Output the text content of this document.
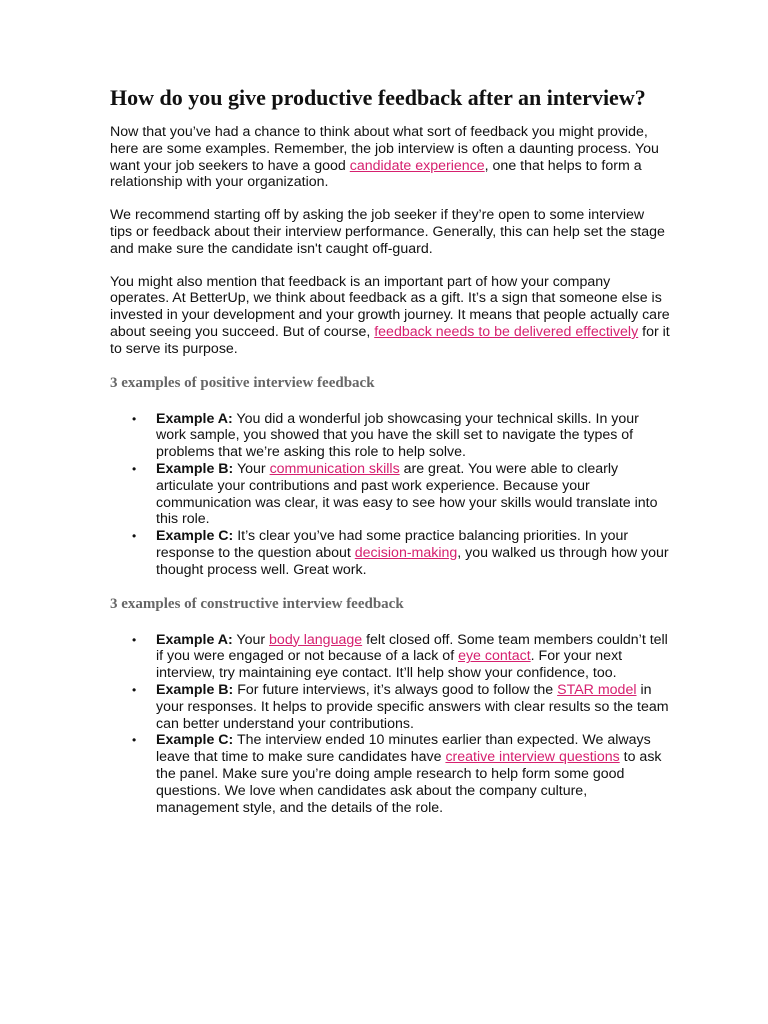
How do you give productive feedback after an interview?

Now that you’ve had a chance to think about what sort of feedback you might provide, here are some examples. Remember, the job interview is often a daunting process. You want your job seekers to have a good candidate experience, one that helps to form a relationship with your organization.

We recommend starting off by asking the job seeker if they’re open to some interview tips or feedback about their interview performance. Generally, this can help set the stage and make sure the candidate isn't caught off-guard.

You might also mention that feedback is an important part of how your company operates. At BetterUp, we think about feedback as a gift. It’s a sign that someone else is invested in your development and your growth journey. It means that people actually care about seeing you succeed. But of course, feedback needs to be delivered effectively for it to serve its purpose.

3 examples of positive interview feedback
• Example A: You did a wonderful job showcasing your technical skills. In your work sample, you showed that you have the skill set to navigate the types of problems that we’re asking this role to help solve.
• Example B: Your communication skills are great. You were able to clearly articulate your contributions and past work experience. Because your communication was clear, it was easy to see how your skills would translate into this role.
• Example C: It’s clear you’ve had some practice balancing priorities. In your response to the question about decision-making, you walked us through how your thought process well. Great work.
3 examples of constructive interview feedback
• Example A: Your body language felt closed off. Some team members couldn’t tell if you were engaged or not because of a lack of eye contact. For your next interview, try maintaining eye contact. It’ll help show your confidence, too.
• Example B: For future interviews, it’s always good to follow the STAR model in your responses. It helps to provide specific answers with clear results so the team can better understand your contributions.
• Example C: The interview ended 10 minutes earlier than expected. We always leave that time to make sure candidates have creative interview questions to ask the panel. Make sure you’re doing ample research to help form some good questions. We love when candidates ask about the company culture, management style, and the details of the role.
